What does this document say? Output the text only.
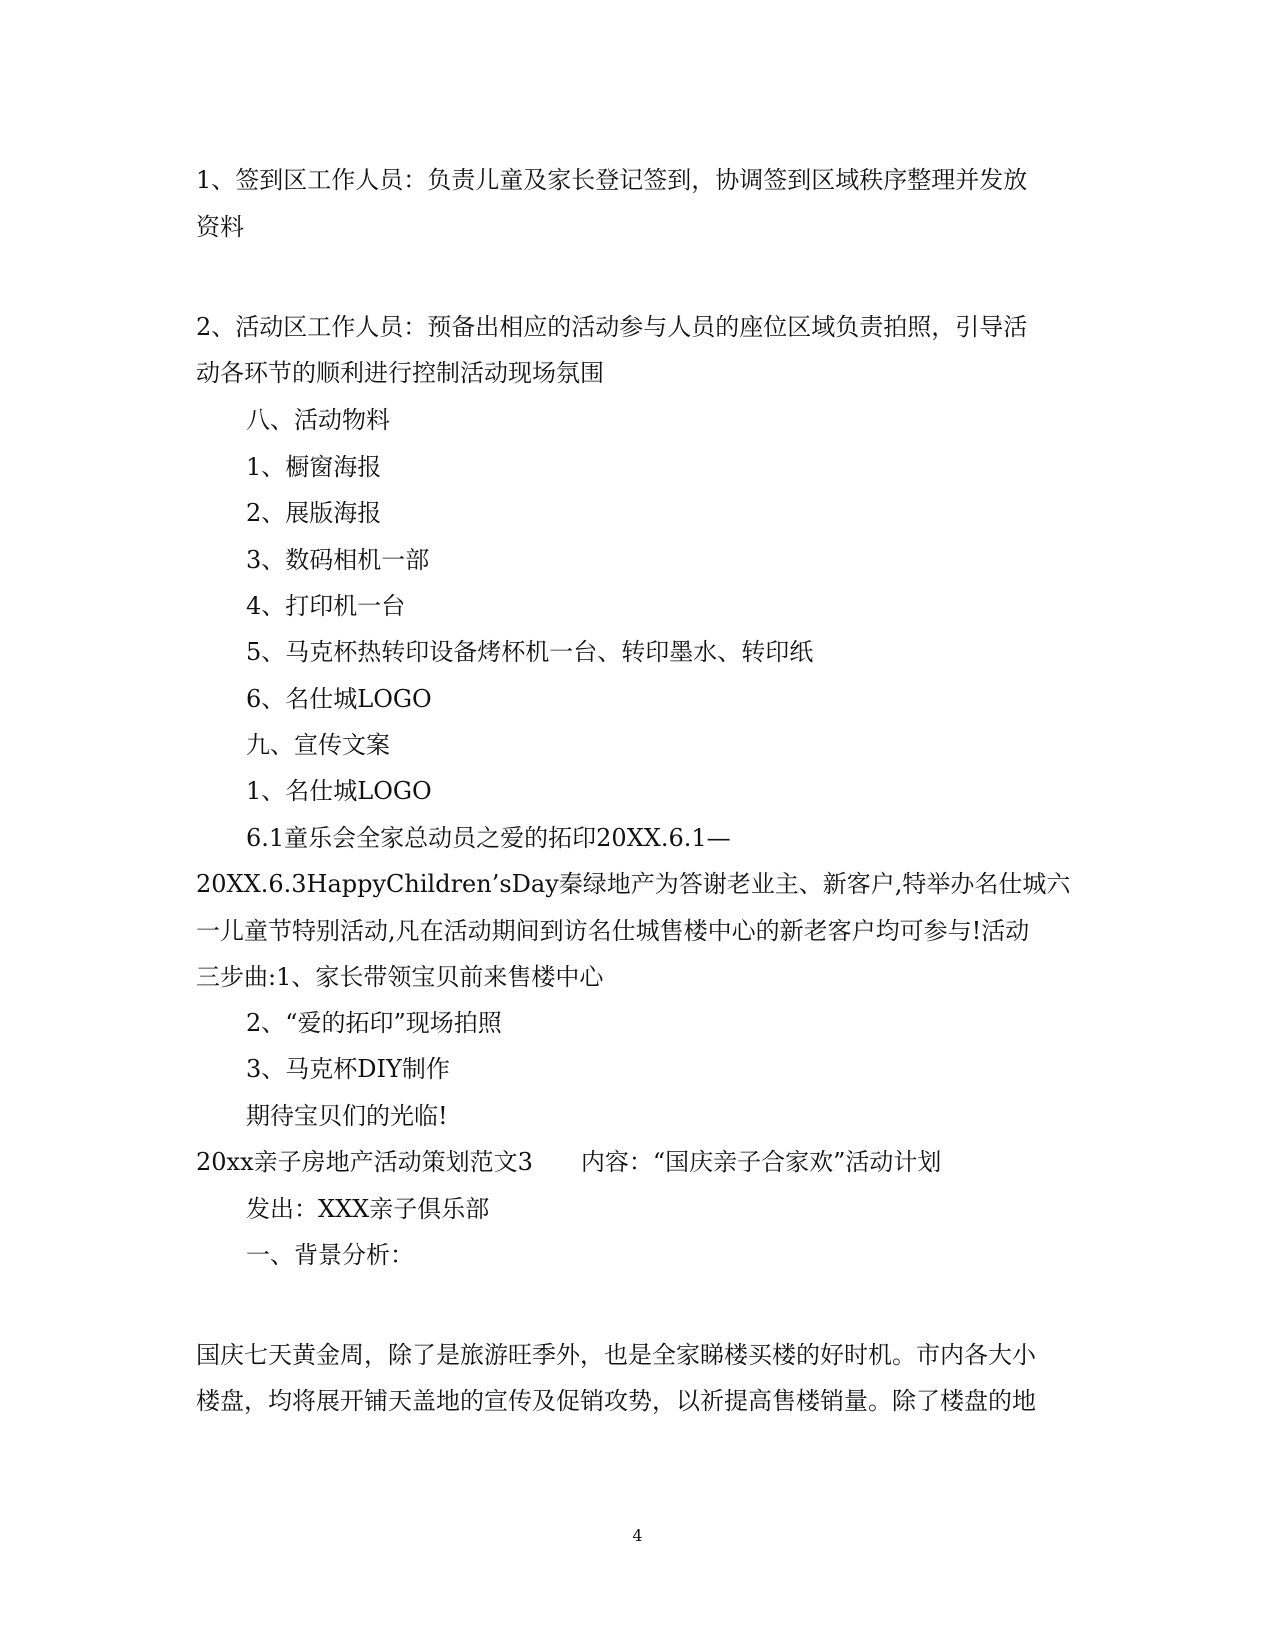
1、签到区工作人员：负责儿童及家长登记签到，协调签到区域秩序整理并发放
资料
2、活动区工作人员：预备出相应的活动参与人员的座位区域负责拍照，引导活
动各环节的顺利进行控制活动现场氛围
八、活动物料
1、橱窗海报
2、展版海报
3、数码相机一部
4、打印机一台
5、马克杯热转印设备烤杯机一台、转印墨水、转印纸
6、名仕城LOGO
九、宣传文案
1、名仕城LOGO
6.1童乐会全家总动员之爱的拓印20XX.6.1—
20XX.6.3HappyChildren’sDay秦绿地产为答谢老业主、新客户,特举办名仕城六
一儿童节特别活动,凡在活动期间到访名仕城售楼中心的新老客户均可参与!活动
三步曲:1、家长带领宝贝前来售楼中心
2、“爱的拓印”现场拍照
3、马克杯DIY制作
期待宝贝们的光临!
20xx亲子房地产活动策划范文3　　内容：“国庆亲子合家欢”活动计划
发出：XXX亲子俱乐部
一、背景分析：
国庆七天黄金周，除了是旅游旺季外，也是全家睇楼买楼的好时机。市内各大小
楼盘，均将展开铺天盖地的宣传及促销攻势，以祈提高售楼销量。除了楼盘的地
4
